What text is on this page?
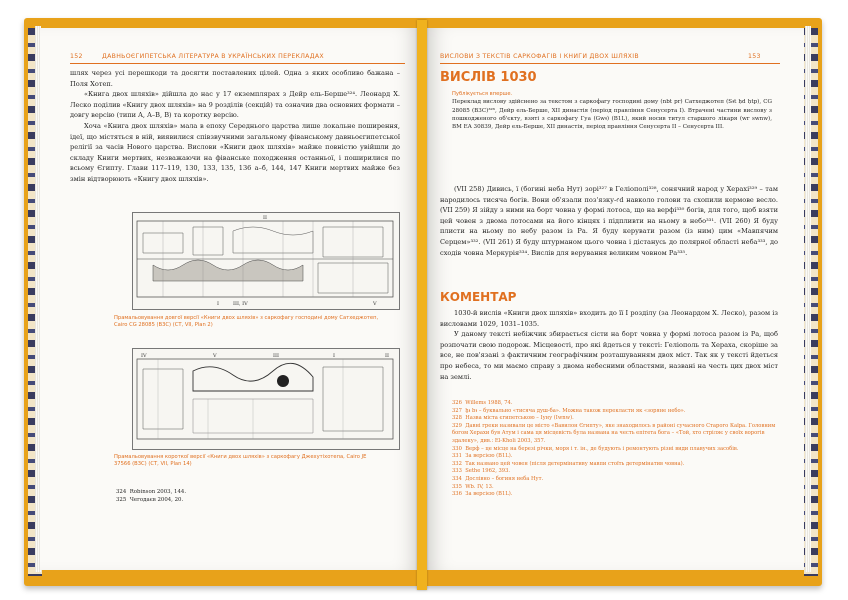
152	ДАВНЬОЄГИПЕТСЬКА ЛІТЕРАТУРА В УКРАЇНСЬКИХ ПЕРЕКЛАДАХ

шлях через усі перешкоди та досягти поставлених цілей. Одна з яких особливо бажана – Поля Хотеп.

«Книга двох шляхів» дійшла до нас у 17 екземплярах з Дейр ель-Берше³²⁴. Леонард Х. Леско поділив «Книгу двох шляхів» на 9 розділів (секцій) та означив два основних формати – довгу версію (типи A, A–B, B) та коротку версію.

Хоча «Книга двох шляхів» мала в епоху Середнього царства лише локальне поширення, ідеї, що містяться в ній, виявилися співзвучними загальному фіванському давньоєгипетської релігії за часів Нового царства. Вислови «Книги двох шляхів» майже повністю увійшли до складу Книги мертвих, незважаючи на фіванське походження останньої, і поширилися по всьому Єгипту. Глави 117–119, 130, 133, 135, 136 a–б, 144, 147 Книги мертвих майже без змін відтворюють «Книгу двох шляхів».

II
I	III, IV	V
Прамальовування довгої версії «Книги двох шляхів» з саркофагу господині дому Сатхеджотеп, Cairo CG 28085 (B3C) (CT, VII, Plan 2)
IV	V	III	I	II
Прамальовування короткої версії «Книги двох шляхів» з саркофагу Джехутіхотепа, Cairo JE 37566 (B3C) (CT, VII, Plan 14)
324 Robinson 2003, 144.
325 Чегодаєв 2004, 20.
ВИСЛОВИ З ТЕКСТІВ САРКОФАГІВ І КНИГИ ДВОХ ШЛЯХІВ	153
ВИСЛІВ 1030
Публікується вперше.
Переклад вислову здійснено за текстом з саркофагу господині дому (nbt pr) Сатхеджотеп (Sꜣt ḥd ḥtp), CG 28085 (B3C)³²⁶, Дейр ель-Берше, XII династія (період правління Сенусерта I). Втрачені частини вислову з пошкодженого об'єкту, взяті з саркофагу Гуа (Gwꜣ) (B1L), який носив титул старшого лікаря (wr swnw), BM EA 30839, Дейр ель-Берше, XII династія, період правління Сенусерта II – Сенусерта III.

(VII 258) Дивись, ї (богині неба Нут) зорі³²⁷ в Геліополі³²⁸, сонячний народ у Херахі³²⁹ – там народилось тисяча богів. Вони об'язали поз'язку-ꜥd навколо голови та схопили кермове весло. (VII 259) Я зійду з ними на борт човна у формі лотоса, що на верфі³³⁰ богів, для того, щоб взяти цей човен з двома лотосами на його кінцях і підпливти на ньому в небо³³¹. (VII 260) Я буду плисти на ньому по небу разом із Ра. Я буду керувати разом (із ним) цим «Мавпячим Серцем»³³². (VII 261) Я буду штурманом цього човна і дістанусь до полярної області неба³³³, до сходів човна Меркурія³³⁴. Вислів для верування великим човном Ра³³⁵.

КОМЕНТАР

1030-й вислів «Книги двох шляхів» входить до її І розділу (за Леонардом Х. Леско), разом із висловами 1029, 1031–1035.

У даному тексті небіжчик збирається сісти на борт човна у формі лотоса разом із Ра, щоб розпочати свою подорож. Місцевості, про які йдеться у тексті: Геліополь та Хераха, скоріше за все, не пов'язані з фактичним географічним розташуванням двох міст. Так як у тексті йдеться про небеса, то ми маємо справу з двома небесними областями, названі на честь цих двох міст на землі.

326 Willems 1988, 74.
327 ḫꜣ bꜣ – буквально «тисяча душ-ба». Можна також перекласти як «зоряне небо».
328 Назва міста єгипетською – Іуну (Iwnw).
329 Давні греки називали це місто «Вавилон Єгипту», яке знаходилось в районі сучасного Старого Каїра. Головним богом Херахи був Атум і сама ця місцевість була названа на честь епітета бога – «Той, хто стріляє у своїх ворогів здалеку», див.: El-Kholi 2003, 357.
330 Верф – це місце на березі річки, моря і т. ін., де будують і ремонтують різні види плавучих засобів.
331 За версією (B1L).
332 Так названо цей човен (після детермінативу мавпи стоїть детермінатив човна).
333 Sethe 1962, 393.
334 Дослівно – богиня неба Нут.
335 Wb. IV, 13.
336 За версією (B1L).
